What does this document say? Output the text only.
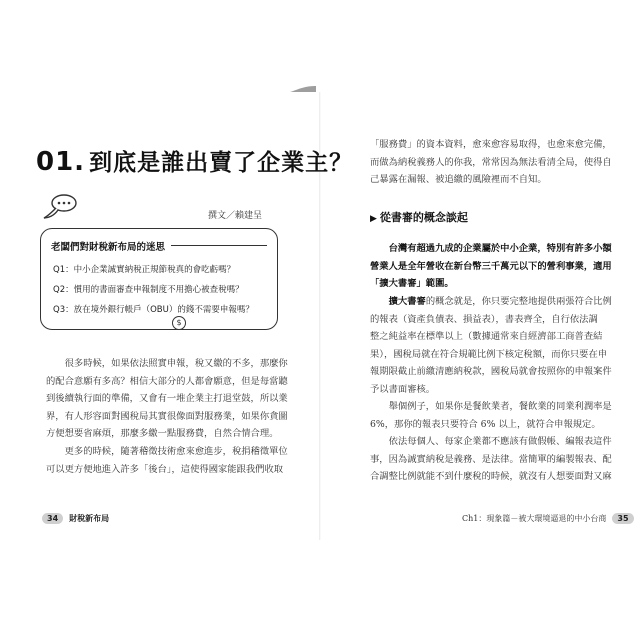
01. 到底是誰出賣了企業主？
撰文／賴建呈
老闆們對財稅新布局的迷思
Q1：中小企業誠實納稅正規節稅真的會吃虧嗎？
Q2：慣用的書面審查申報制度不用擔心被查稅嗎？
Q3：放在境外銀行帳戶（OBU）的錢不需要申報嗎？
$

　　很多時候，如果依法照實申報，稅又繳的不多，那麼你

的配合意願有多高？相信大部分的人都會願意，但是每當聽

到後續執行面的準備，又會有一堆企業主打退堂鼓，所以業

界，有人形容面對國稅局其實很像面對服務業，如果你貪圖

方便想要省麻煩，那麼多繳一點服務費，自然合情合理。

　　更多的時候，隨著稽徵技術愈來愈進步，稅捐稽徵單位

可以更方便地進入許多「後台」，這使得國家能跟我們收取

34 財稅新布局

「服務費」的資本資料，愈來愈容易取得，也愈來愈完備，

而做為納稅義務人的你我，常常因為無法看清全局，使得自

己暴露在漏報、被追繳的風險裡而不自知。

▶ 從書審的概念談起

　　台灣有超過九成的企業屬於中小企業，特別有許多小額

營業人是全年營收在新台幣三千萬元以下的營利事業，適用

「擴大書審」範圍。

　　擴大書審的概念就是，你只要完整地提供兩張符合比例

的報表（資產負債表、損益表），書表齊全，自行依法調

整之純益率在標準以上（數據通常來自經濟部工商普查結

果），國稅局就在符合規範比例下核定稅額，而你只要在申

報期限截止前繳清應納稅款，國稅局就會按照你的申報案件

予以書面審核。

　　舉個例子，如果你是餐飲業者，餐飲業的同業利潤率是

6%，那你的報表只要符合 6% 以上，就符合申報規定。

　　依法每個人、每家企業都不應該有做假帳、編報表這件

事，因為誠實納稅是義務、是法律。當簡單的編製報表、配

合調整比例就能不到什麼稅的時候，就沒有人想要面對又麻

Ch1：現象篇－被大環境逼退的中小台商 35
